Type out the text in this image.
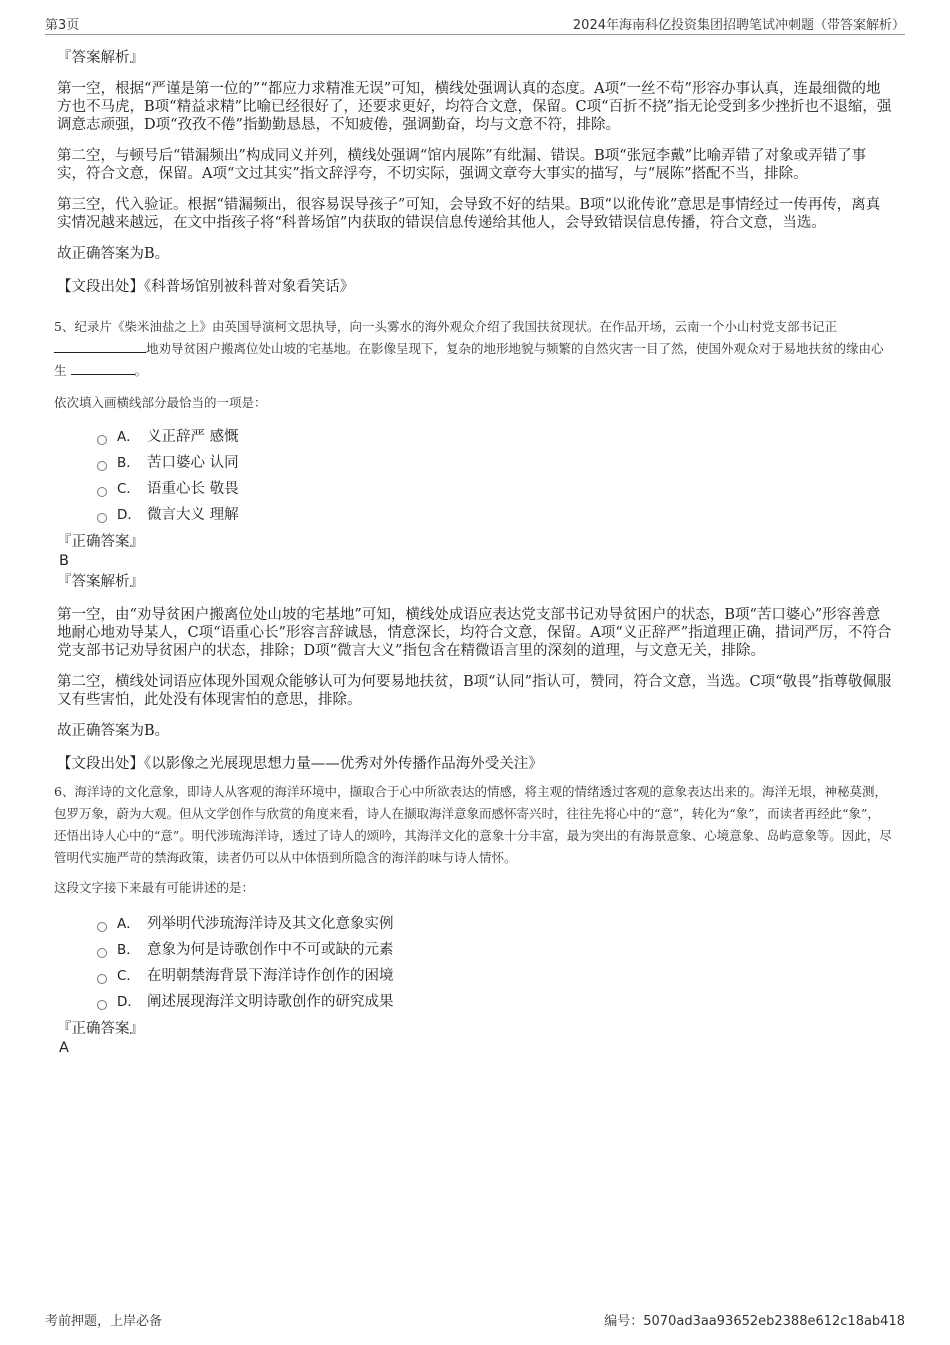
第3页	2024年海南科亿投资集团招聘笔试冲刺题（带答案解析）

『答案解析』

第一空，根据“严谨是第一位的”“都应力求精准无误”可知，横线处强调认真的态度。A项“一丝不苟”形容办事认真，连最细微的地方也不马虎，B项“精益求精”比喻已经很好了，还要求更好，均符合文意，保留。C项“百折不挠”指无论受到多少挫折也不退缩，强调意志顽强，D项“孜孜不倦”指勤勤恳恳，不知疲倦，强调勤奋，均与文意不符，排除。

第二空，与顿号后“错漏频出”构成同义并列，横线处强调“馆内展陈”有纰漏、错误。B项“张冠李戴”比喻弄错了对象或弄错了事实，符合文意，保留。A项“文过其实”指文辞浮夸，不切实际，强调文章夸大事实的描写，与“展陈”搭配不当，排除。

第三空，代入验证。根据“错漏频出，很容易误导孩子”可知，会导致不好的结果。B项“以讹传讹”意思是事情经过一传再传，离真实情况越来越远，在文中指孩子将“科普场馆”内获取的错误信息传递给其他人，会导致错误信息传播，符合文意，当选。

故正确答案为B。

【文段出处】《科普场馆别被科普对象看笑话》

5、纪录片《柴米油盐之上》由英国导演柯文思执导，向一头雾水的海外观众介绍了我国扶贫现状。在作品开场，云南一个小山村党支部书记正
地劝导贫困户搬离位处山坡的宅基地。在影像呈现下，复杂的地形地貌与频繁的自然灾害一目了然，使国外观众对于易地扶贫的缘由心生	。

依次填入画横线部分最恰当的一项是：

A． 义正辞严 感慨
B． 苦口婆心 认同
C． 语重心长 敬畏
D． 微言大义 理解

『正确答案』

B

『答案解析』

第一空，由“劝导贫困户搬离位处山坡的宅基地”可知，横线处成语应表达党支部书记劝导贫困户的状态，B项“苦口婆心”形容善意地耐心地劝导某人，C项“语重心长”形容言辞诚恳，情意深长，均符合文意，保留。A项“义正辞严”指道理正确，措词严厉，不符合党支部书记劝导贫困户的状态，排除；D项“微言大义”指包含在精微语言里的深刻的道理，与文意无关，排除。

第二空，横线处词语应体现外国观众能够认可为何要易地扶贫，B项“认同”指认可，赞同，符合文意，当选。C项“敬畏”指尊敬佩服又有些害怕，此处没有体现害怕的意思，排除。

故正确答案为B。

【文段出处】《以影像之光展现思想力量——优秀对外传播作品海外受关注》

6、海洋诗的文化意象，即诗人从客观的海洋环境中，撷取合于心中所欲表达的情感，将主观的情绪透过客观的意象表达出来的。海洋无垠，神秘莫测，包罗万象，蔚为大观。但从文学创作与欣赏的角度来看，诗人在撷取海洋意象而感怀寄兴时，往往先将心中的“意”，转化为“象”，而读者再经此“象”，还悟出诗人心中的“意”。明代涉琉海洋诗，透过了诗人的颂吟，其海洋文化的意象十分丰富，最为突出的有海景意象、心境意象、岛屿意象等。因此，尽管明代实施严苛的禁海政策，读者仍可以从中体悟到所隐含的海洋韵味与诗人情怀。

这段文字接下来最有可能讲述的是：

A． 列举明代涉琉海洋诗及其文化意象实例
B． 意象为何是诗歌创作中不可或缺的元素
C． 在明朝禁海背景下海洋诗作创作的困境
D． 阐述展现海洋文明诗歌创作的研究成果

『正确答案』

A

考前押题，上岸必备	编号：5070ad3aa93652eb2388e612c18ab418
